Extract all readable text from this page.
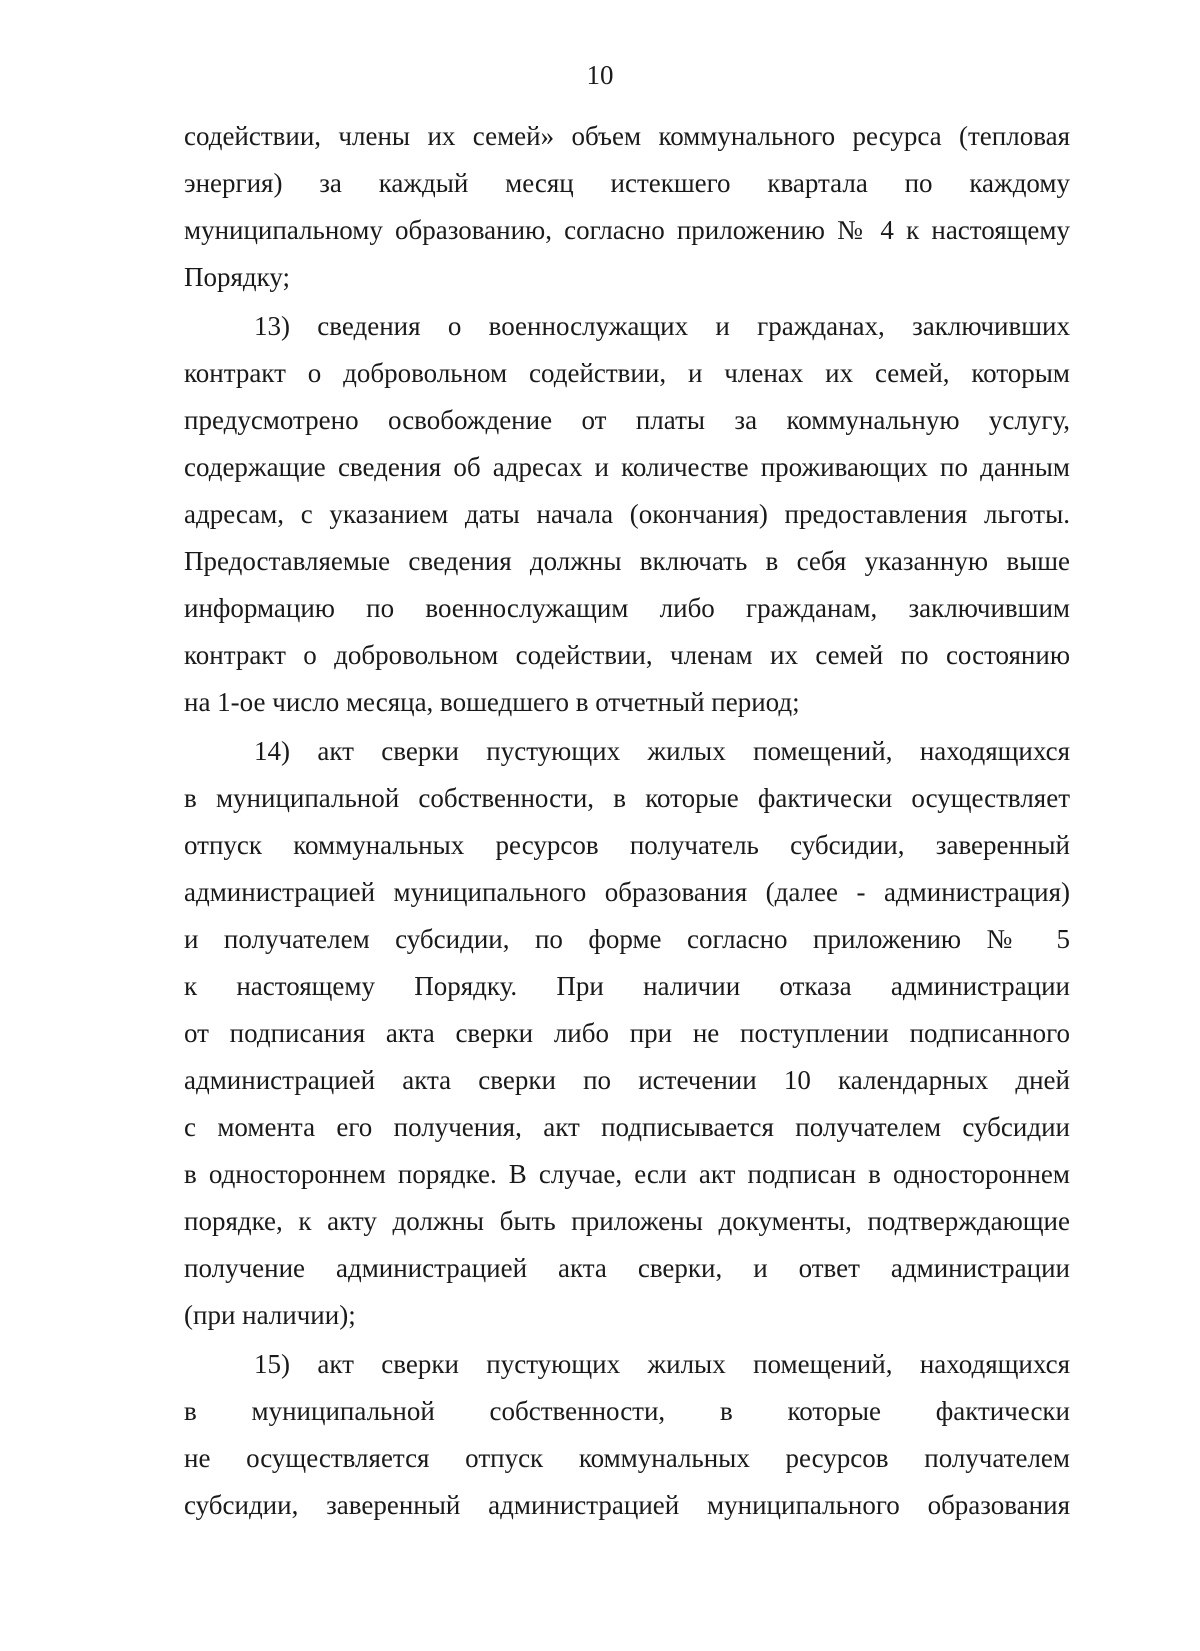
10
содействии, члены их семей» объем коммунального ресурса (тепловая
энергия) за каждый месяц истекшего квартала по каждому
муниципальному образованию, согласно приложению № 4 к настоящему
Порядку;
13) сведения о военнослужащих и гражданах, заключивших
контракт о добровольном содействии, и членах их семей, которым
предусмотрено освобождение от платы за коммунальную услугу,
содержащие сведения об адресах и количестве проживающих по данным
адресам, с указанием даты начала (окончания) предоставления льготы.
Предоставляемые сведения должны включать в себя указанную выше
информацию по военнослужащим либо гражданам, заключившим
контракт о добровольном содействии, членам их семей по состоянию
на 1-ое число месяца, вошедшего в отчетный период;
14) акт сверки пустующих жилых помещений, находящихся
в муниципальной собственности, в которые фактически осуществляет
отпуск коммунальных ресурсов получатель субсидии, заверенный
администрацией муниципального образования (далее - администрация)
и получателем субсидии, по форме согласно приложению № 5
к настоящему Порядку. При наличии отказа администрации
от подписания акта сверки либо при не поступлении подписанного
администрацией акта сверки по истечении 10 календарных дней
с момента его получения, акт подписывается получателем субсидии
в одностороннем порядке. В случае, если акт подписан в одностороннем
порядке, к акту должны быть приложены документы, подтверждающие
получение администрацией акта сверки, и ответ администрации
(при наличии);
15) акт сверки пустующих жилых помещений, находящихся
в муниципальной собственности, в которые фактически
не осуществляется отпуск коммунальных ресурсов получателем
субсидии, заверенный администрацией муниципального образования
